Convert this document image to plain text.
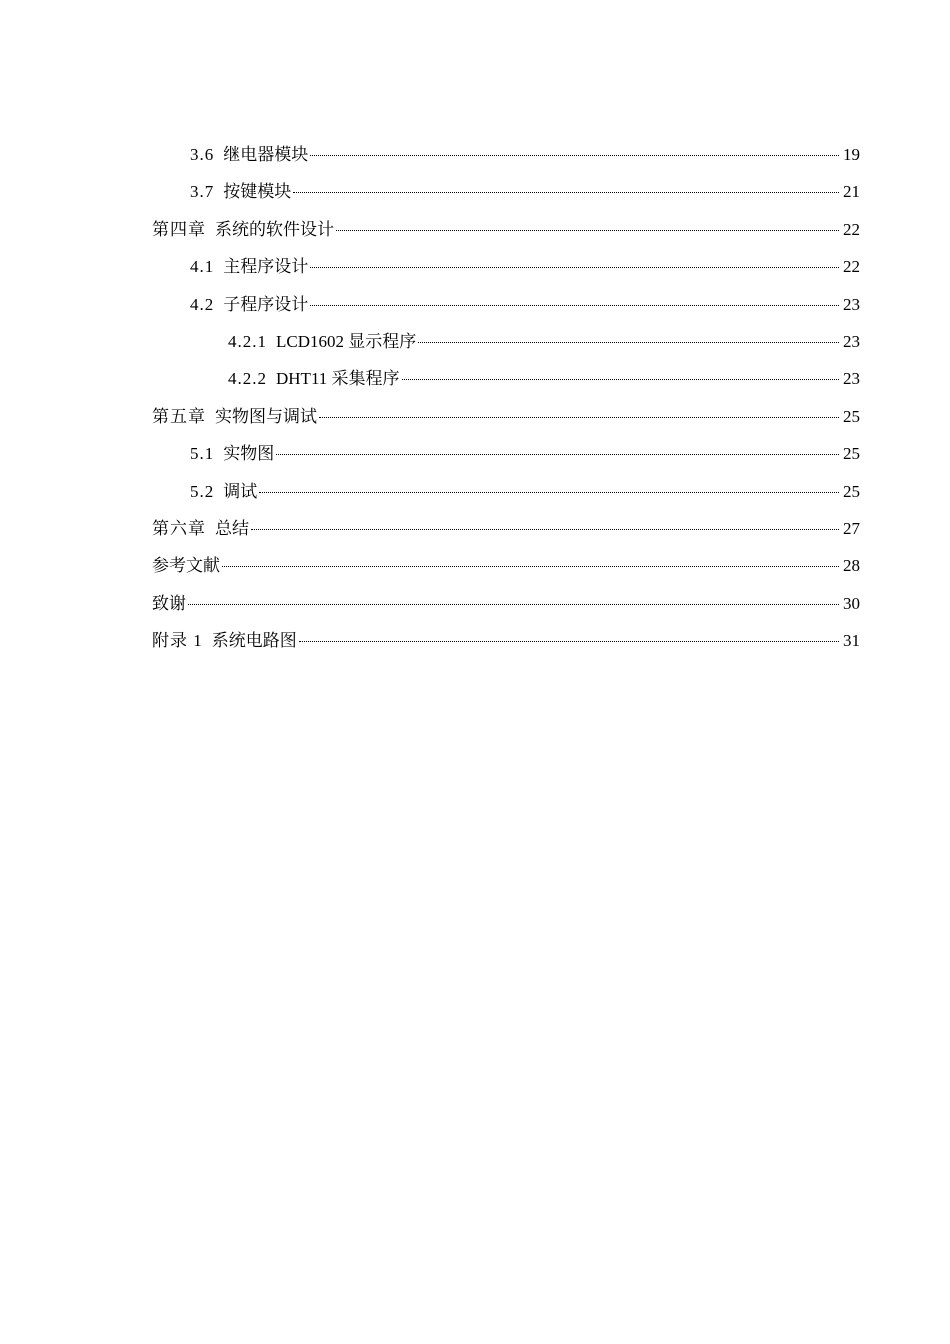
3.6 继电器模块	19
3.7 按键模块	21
第四章 系统的软件设计	22
4.1 主程序设计	22
4.2 子程序设计	23
4.2.1 LCD1602 显示程序	23
4.2.2 DHT11 采集程序	23
第五章 实物图与调试	25
5.1 实物图	25
5.2 调试	25
第六章 总结	27
参考文献	28
致谢	30
附录 1 系统电路图	31
